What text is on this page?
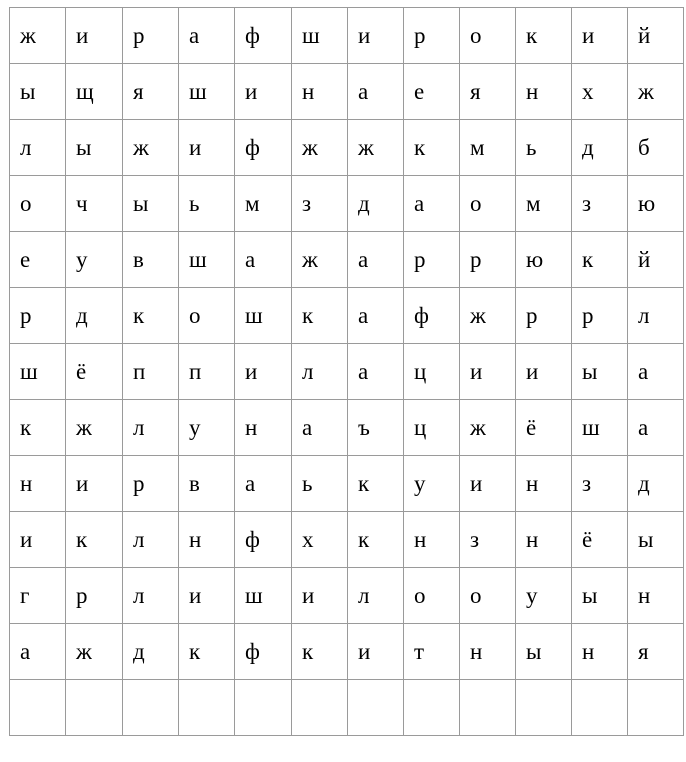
ж	и	р	а	ф	ш	и	р	о	к	и	й
ы	щ	я	ш	и	н	а	е	я	н	х	ж
л	ы	ж	и	ф	ж	ж	к	м	ь	д	б
о	ч	ы	ь	м	з	д	а	о	м	з	ю
е	у	в	ш	а	ж	а	р	р	ю	к	й
р	д	к	о	ш	к	а	ф	ж	р	р	л
ш	ё	п	п	и	л	а	ц	и	и	ы	а
к	ж	л	у	н	а	ъ	ц	ж	ё	ш	а
н	и	р	в	а	ь	к	у	и	н	з	д
и	к	л	н	ф	х	к	н	з	н	ё	ы
г	р	л	и	ш	и	л	о	о	у	ы	н
а	ж	д	к	ф	к	и	т	н	ы	н	я
